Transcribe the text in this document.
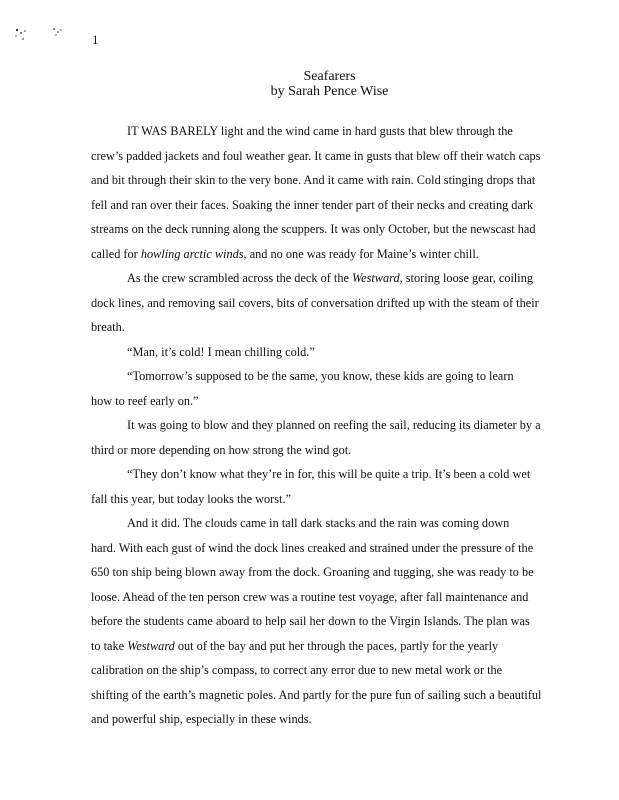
1
Seafarers
by Sarah Pence Wise
IT WAS BARELY light and the wind came in hard gusts that blew through the
crew’s padded jackets and foul weather gear. It came in gusts that blew off their watch caps
and bit through their skin to the very bone. And it came with rain. Cold stinging drops that
fell and ran over their faces. Soaking the inner tender part of their necks and creating dark
streams on the deck running along the scuppers. It was only October, but the newscast had
called for howling arctic winds, and no one was ready for Maine’s winter chill.
As the crew scrambled across the deck of the Westward, storing loose gear, coiling
dock lines, and removing sail covers, bits of conversation drifted up with the steam of their
breath.
“Man, it’s cold! I mean chilling cold.”
“Tomorrow’s supposed to be the same, you know, these kids are going to learn
how to reef early on.”
It was going to blow and they planned on reefing the sail, reducing its diameter by a
third or more depending on how strong the wind got.
“They don’t know what they’re in for, this will be quite a trip. It’s been a cold wet
fall this year, but today looks the worst.”
And it did. The clouds came in tall dark stacks and the rain was coming down
hard. With each gust of wind the dock lines creaked and strained under the pressure of the
650 ton ship being blown away from the dock. Groaning and tugging, she was ready to be
loose. Ahead of the ten person crew was a routine test voyage, after fall maintenance and
before the students came aboard to help sail her down to the Virgin Islands. The plan was
to take Westward out of the bay and put her through the paces, partly for the yearly
calibration on the ship’s compass, to correct any error due to new metal work or the
shifting of the earth’s magnetic poles. And partly for the pure fun of sailing such a beautiful
and powerful ship, especially in these winds.
